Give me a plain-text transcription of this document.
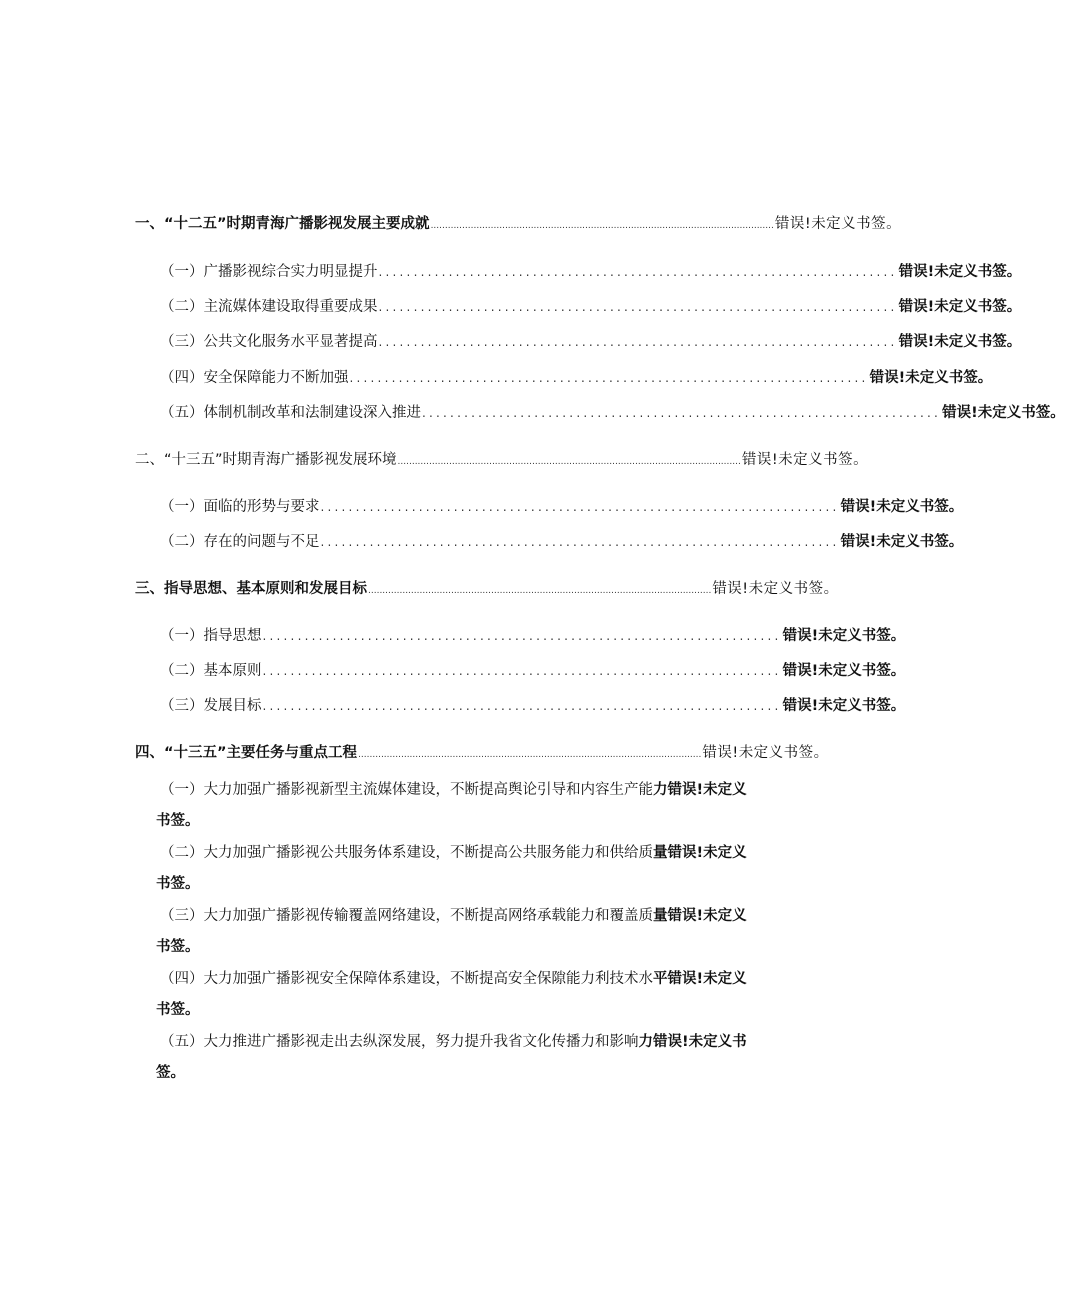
一、“十二五”时期青海广播影视发展主要成就 ........................................................................................................................ 错误!未定义书签。
（一）广播影视综合实力明显提升 .......................................................................... 错误!未定义书签。
（二）主流媒体建设取得重要成果 .......................................................................... 错误!未定义书签。
（三）公共文化服务水平显著提高 .......................................................................... 错误!未定义书签。
（四）安全保障能力不断加强 .......................................................................... 错误!未定义书签。
（五）体制机制改革和法制建设深入推进 .......................................................................... 错误!未定义书签。
二、“十三五”时期青海广播影视发展环境 ........................................................................................................................ 错误!未定义书签。
（一）面临的形势与要求 .......................................................................... 错误!未定义书签。
（二）存在的问题与不足 .......................................................................... 错误!未定义书签。
三、指导思想、基本原则和发展目标 ........................................................................................................................ 错误!未定义书签。
（一）指导思想 .......................................................................... 错误!未定义书签。
（二）基本原则 .......................................................................... 错误!未定义书签。
（三）发展目标 .......................................................................... 错误!未定义书签。
四、“十三五”主要任务与重点工程 ........................................................................................................................ 错误!未定义书签。
（一）大力加强广播影视新型主流媒体建设，不断提高舆论引导和内容生产能力错误!未定义
书签。
（二）大力加强广播影视公共服务体系建设，不断提高公共服务能力和供给质量错误!未定义
书签。
（三）大力加强广播影视传输覆盖网络建设，不断提高网络承载能力和覆盖质量错误!未定义
书签。
（四）大力加强广播影视安全保障体系建设，不断提高安全保隙能力利技术水平错误!未定义
书签。
（五）大力推进广播影视走出去纵深发展，努力提升我省文化传播力和影响力错误!未定义书
签。
